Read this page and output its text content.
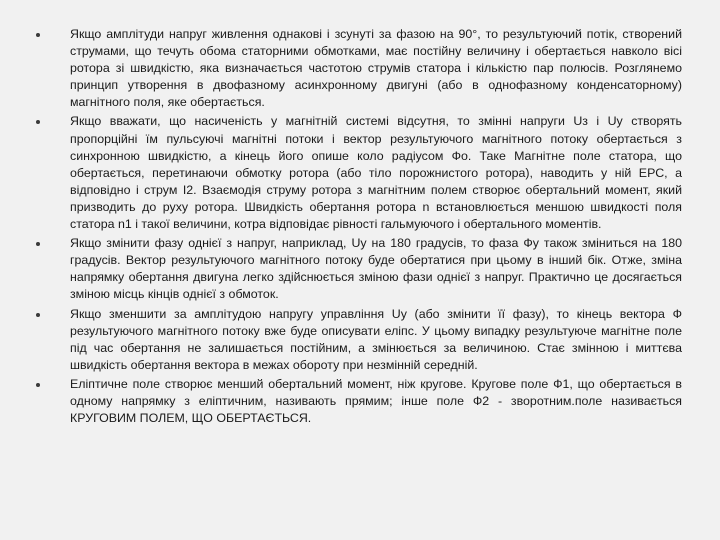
Якщо амплітуди напруг живлення однакові і зсунуті за фазою на 90°, то результуючий потік, створений струмами, що течуть обома статорними обмотками, має постійну величину і обертається навколо вісі ротора зі швидкістю, яка визначається частотою струмів статора і кількістю пар полюсів. Розглянемо принцип утворення в двофазному асинхронному двигуні (або в однофазному конденсаторному) магнітного поля, яке обертається.
Якщо вважати, що насиченість у магнітній системі відсутня, то змінні напруги Uз і Uу створять пропорційні їм пульсуючі магнітні потоки і вектор результуючого магнітного потоку обертається з синхронною швидкістю, а кінець його опише коло радіусом Фо. Таке Магнітне поле статора, що обертається, перетинаючи обмотку ротора (або тіло порожнистого ротора), наводить у ній ЕРС, а відповідно і струм I2. Взаємодія струму ротора з магнітним полем створює обертальний момент, який призводить до руху ротора. Швидкість обертання ротора n встановлюється меншою швидкості поля статора n1 і такої величини, котра відповідає рівності гальмуючого і обертального моментів.
Якщо змінити фазу однієї з напруг, наприклад, Uу на 180 градусів, то фаза Фу також зміниться на 180 градусів. Вектор результуючого магнітного потоку буде обертатися при цьому в інший бік. Отже, зміна напрямку обертання двигуна легко здійснюється зміною фази однієї з напруг. Практично це досягається зміною місць кінців однієї з обмоток.
Якщо зменшити за амплітудою напругу управління Uу (або змінити її фазу), то кінець вектора Ф результуючого магнітного потоку вже буде описувати еліпс. У цьому випадку результуюче магнітне поле під час обертання не залишається постійним, а змінюється за величиною. Стає змінною і миттєва швидкість обертання вектора в межах обороту при незмінній середній.
Еліптичне поле створює менший обертальний момент, ніж кругове. Кругове поле Ф1, що обертається в одному напрямку з еліптичним, називають прямим; інше поле Ф2 - зворотним.поле називається КРУГОВИМ ПОЛЕМ, ЩО ОБЕРТАЄТЬСЯ.
